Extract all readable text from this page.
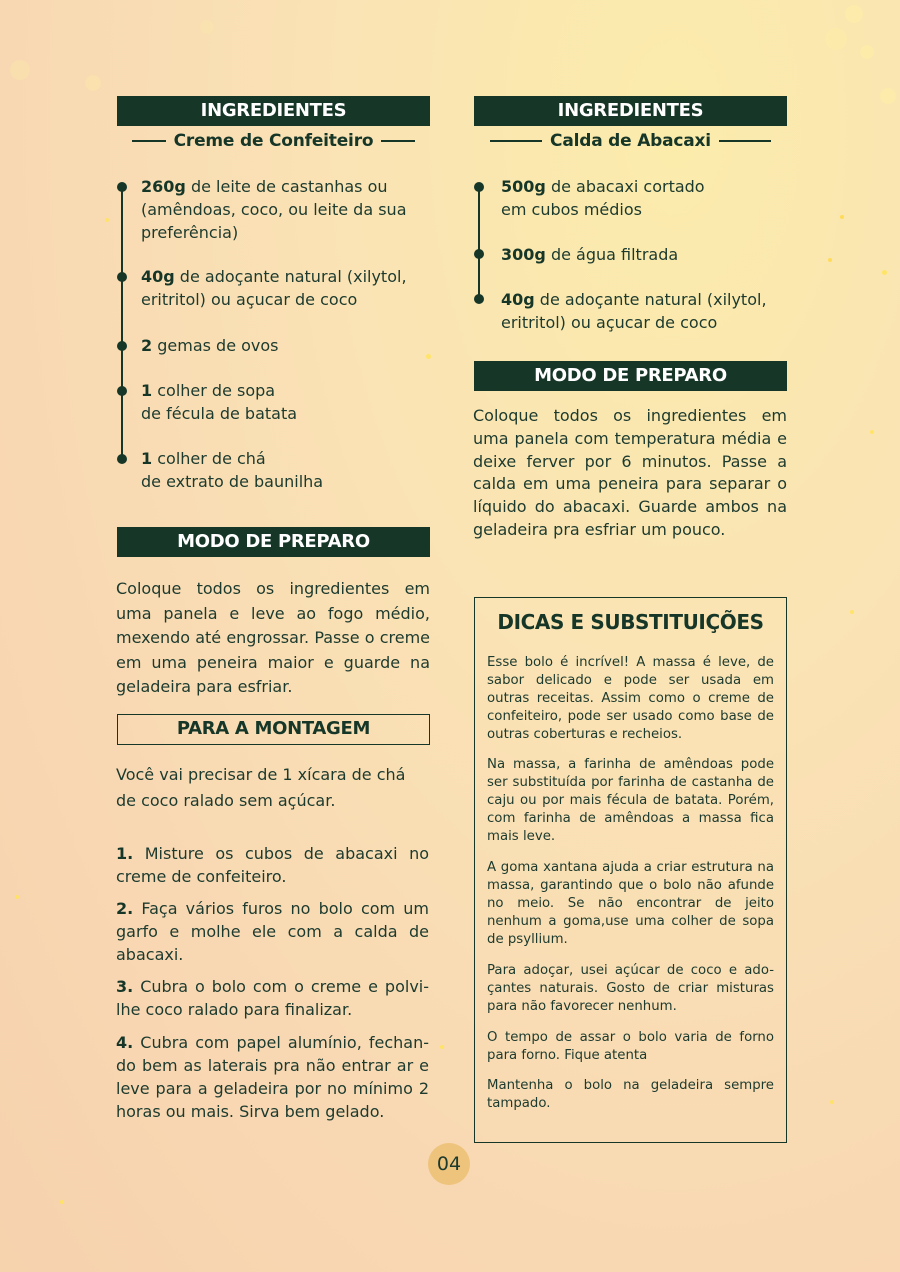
INGREDIENTES
Creme de Confeiteiro
260g de leite de castanhas ou
(amêndoas, coco, ou leite da sua
preferência)
40g de adoçante natural (xilytol,
eritritol) ou açucar de coco
2 gemas de ovos
1 colher de sopa
de fécula de batata
1 colher de chá
de extrato de baunilha
MODO DE PREPARO
Coloque todos os ingredientes em uma panela e leve ao fogo médio, mexendo até engrossar. Passe o creme em uma peneira maior e guarde na geladeira para esfriar.
PARA A MONTAGEM
Você vai precisar de 1 xícara de chá de coco ralado sem açúcar.
1. Misture os cubos de abacaxi no creme de confeiteiro.
2. Faça vários furos no bolo com um garfo e molhe ele com a calda de abacaxi.
3. Cubra o bolo com o creme e polvi-lhe coco ralado para finalizar.
4. Cubra com papel alumínio, fechan-do bem as laterais pra não entrar ar e leve para a geladeira por no mínimo 2 horas ou mais. Sirva bem gelado.
INGREDIENTES
Calda de Abacaxi
500g de abacaxi cortado
em cubos médios
300g de água filtrada
40g de adoçante natural (xilytol,
eritritol) ou açucar de coco
MODO DE PREPARO
Coloque todos os ingredientes em uma panela com temperatura média e deixe ferver por 6 minutos. Passe a calda em uma peneira para separar o líquido do abacaxi. Guarde ambos na geladeira pra esfriar um pouco.
DICAS E SUBSTITUIÇÕES
Esse bolo é incrível! A massa é leve, de sabor delicado e pode ser usada em outras receitas. Assim como o creme de confeiteiro, pode ser usado como base de outras coberturas e recheios.
Na massa, a farinha de amêndoas pode ser substituída por farinha de castanha de caju ou por mais fécula de batata. Porém, com farinha de amêndoas a massa fica mais leve.
A goma xantana ajuda a criar estrutura na massa, garantindo que o bolo não afunde no meio. Se não encontrar de jeito nenhum a goma,use uma colher de sopa de psyllium.
Para adoçar, usei açúcar de coco e ado-çantes naturais. Gosto de criar misturas para não favorecer nenhum.
O tempo de assar o bolo varia de forno para forno. Fique atenta
Mantenha o bolo na geladeira sempre tampado.
04
